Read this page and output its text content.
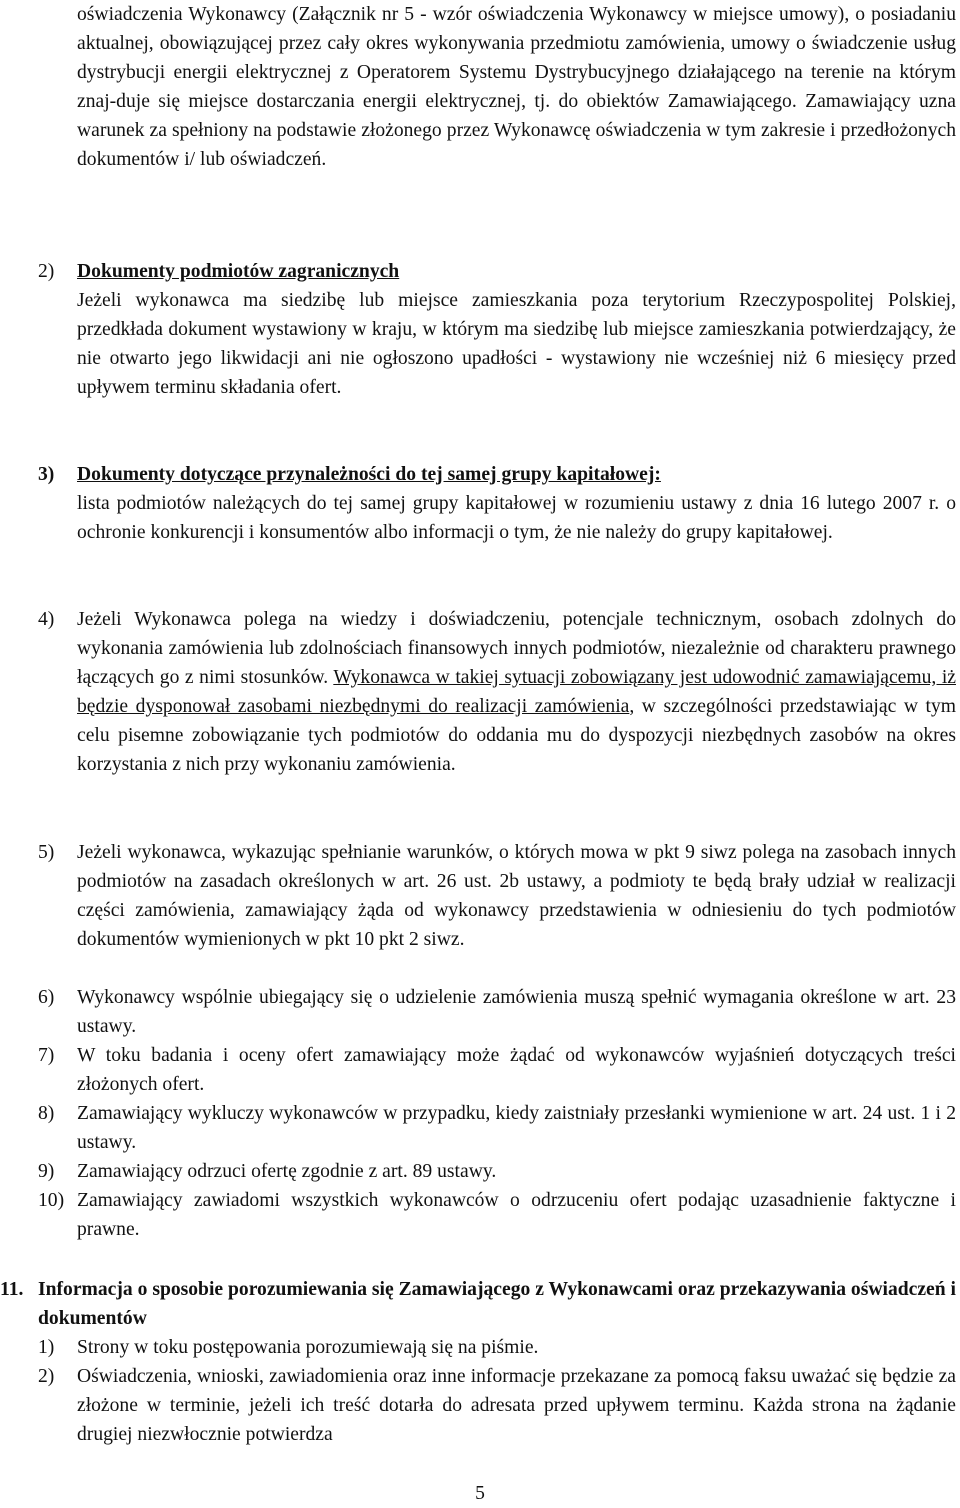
oświadczenia Wykonawcy (Załącznik nr 5 - wzór oświadczenia Wykonawcy w miejsce umowy), o posiadaniu aktualnej, obowiązującej przez cały okres wykonywania przedmiotu zamówienia, umowy o świadczenie usług dystrybucji energii elektrycznej z Operatorem Systemu Dystrybucyjnego działającego na terenie na którym znaj-duje się miejsce dostarczania energii elektrycznej, tj. do obiektów Zamawiającego. Zamawiający uzna warunek za spełniony na podstawie złożonego przez Wykonawcę oświadczenia w tym zakresie i przedłożonych dokumentów i/ lub oświadczeń.
2) Dokumenty podmiotów zagranicznych
Jeżeli wykonawca ma siedzibę lub miejsce zamieszkania poza terytorium Rzeczypospolitej Polskiej, przedkłada dokument wystawiony w kraju, w którym ma siedzibę lub miejsce zamieszkania potwierdzający, że nie otwarto jego likwidacji ani nie ogłoszono upadłości - wystawiony nie wcześniej niż 6 miesięcy przed upływem terminu składania ofert.
3) Dokumenty dotyczące przynależności do tej samej grupy kapitałowej:
lista podmiotów należących do tej samej grupy kapitałowej w rozumieniu ustawy z dnia 16 lutego 2007 r. o ochronie konkurencji i konsumentów albo informacji o tym, że nie należy do grupy kapitałowej.
4) Jeżeli Wykonawca polega na wiedzy i doświadczeniu, potencjale technicznym, osobach zdolnych do wykonania zamówienia lub zdolnościach finansowych innych podmiotów, niezależnie od charakteru prawnego łączących go z nimi stosunków. Wykonawca w takiej sytuacji zobowiązany jest udowodnić zamawiającemu, iż będzie dysponował zasobami niezbędnymi do realizacji zamówienia, w szczególności przedstawiając w tym celu pisemne zobowiązanie tych podmiotów do oddania mu do dyspozycji niezbędnych zasobów na okres korzystania z nich przy wykonaniu zamówienia.
5) Jeżeli wykonawca, wykazując spełnianie warunków, o których mowa w pkt 9 siwz polega na zasobach innych podmiotów na zasadach określonych w art. 26 ust. 2b ustawy, a podmioty te będą brały udział w realizacji części zamówienia, zamawiający żąda od wykonawcy przedstawienia w odniesieniu do tych podmiotów dokumentów wymienionych w pkt 10 pkt 2 siwz.
6) Wykonawcy wspólnie ubiegający się o udzielenie zamówienia muszą spełnić wymagania określone w art. 23 ustawy.
7) W toku badania i oceny ofert zamawiający może żądać od wykonawców wyjaśnień dotyczących treści złożonych ofert.
8) Zamawiający wykluczy wykonawców w przypadku, kiedy zaistniały przesłanki wymienione w art. 24 ust. 1 i 2 ustawy.
9) Zamawiający odrzuci ofertę zgodnie z art. 89 ustawy.
10) Zamawiający zawiadomi wszystkich wykonawców o odrzuceniu ofert podając uzasadnienie faktyczne i prawne.
11. Informacja o sposobie porozumiewania się Zamawiającego z Wykonawcami oraz przekazywania oświadczeń i dokumentów
1) Strony w toku postępowania porozumiewają się na piśmie.
2) Oświadczenia, wnioski, zawiadomienia oraz inne informacje przekazane za pomocą faksu uważać się będzie za złożone w terminie, jeżeli ich treść dotarła do adresata przed upływem terminu. Każda strona na żądanie drugiej niezwłocznie potwierdza
5
